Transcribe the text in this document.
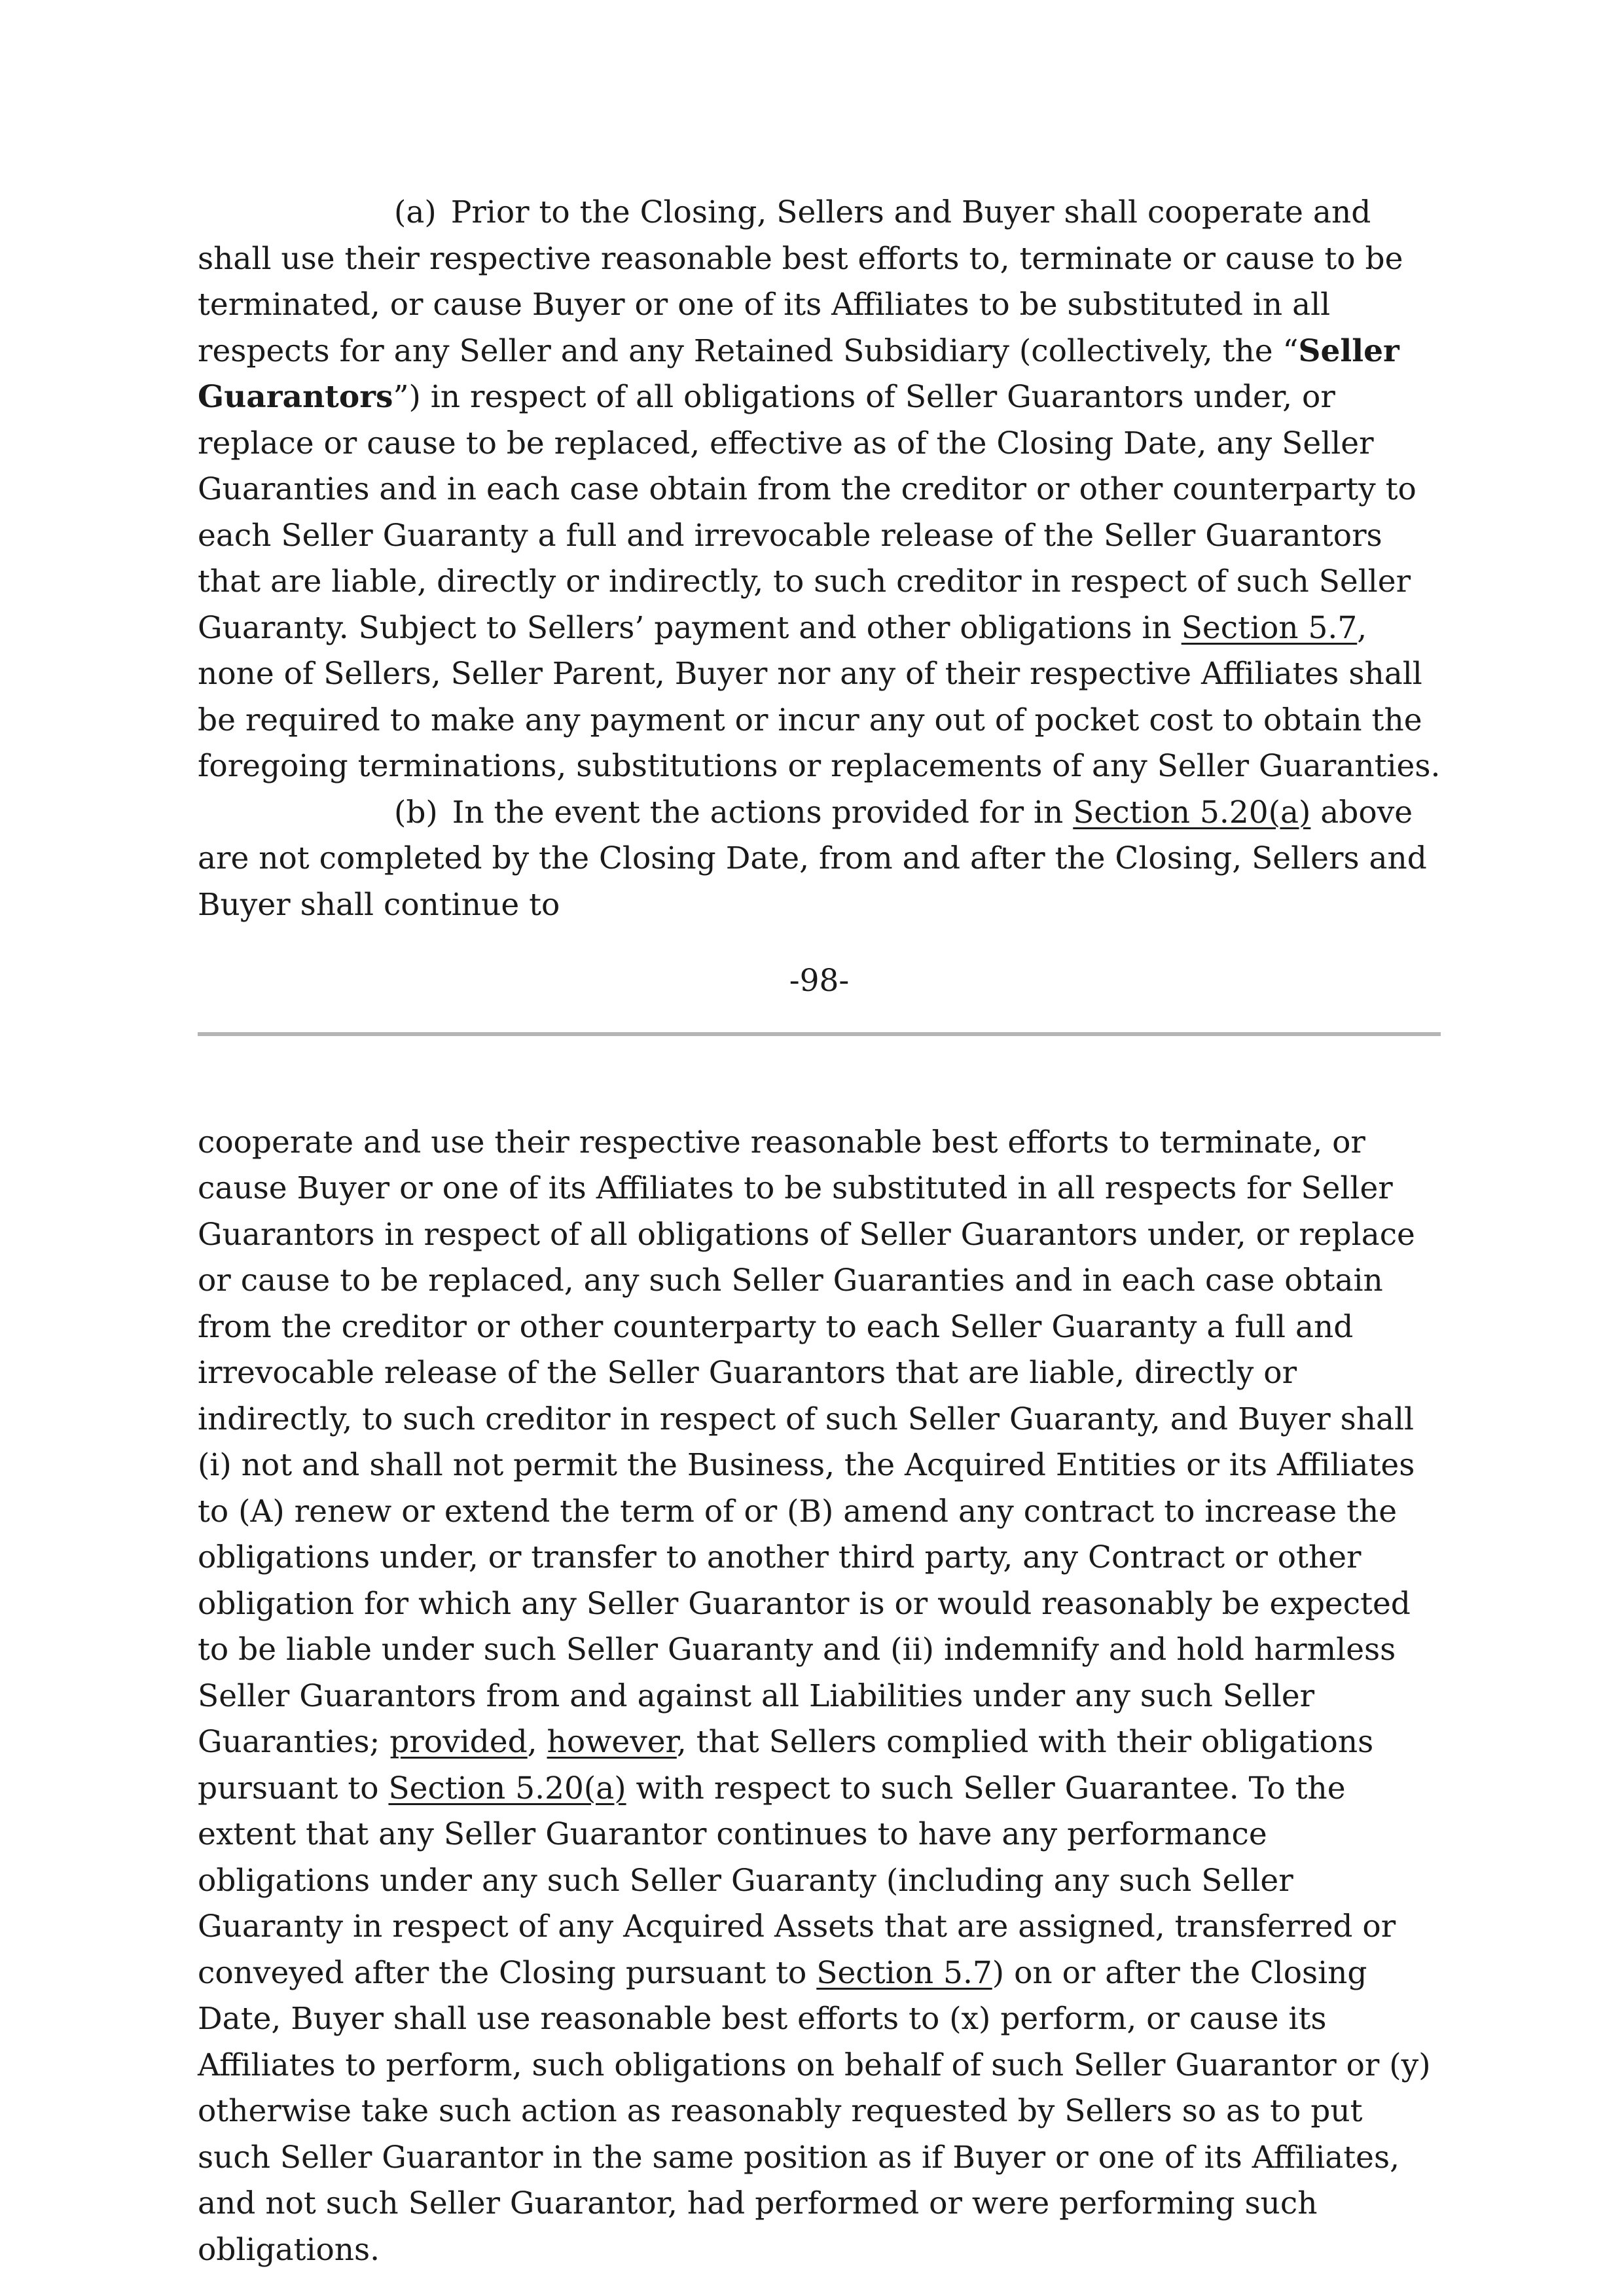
(a) Prior to the Closing, Sellers and Buyer shall cooperate and shall use their respective reasonable best efforts to, terminate or cause to be terminated, or cause Buyer or one of its Affiliates to be substituted in all respects for any Seller and any Retained Subsidiary (collectively, the “Seller Guarantors”) in respect of all obligations of Seller Guarantors under, or replace or cause to be replaced, effective as of the Closing Date, any Seller Guaranties and in each case obtain from the creditor or other counterparty to each Seller Guaranty a full and irrevocable release of the Seller Guarantors that are liable, directly or indirectly, to such creditor in respect of such Seller Guaranty. Subject to Sellers’ payment and other obligations in Section 5.7, none of Sellers, Seller Parent, Buyer nor any of their respective Affiliates shall be required to make any payment or incur any out of pocket cost to obtain the foregoing terminations, substitutions or replacements of any Seller Guaranties.

(b) In the event the actions provided for in Section 5.20(a) above are not completed by the Closing Date, from and after the Closing, Sellers and Buyer shall continue to

-98-

cooperate and use their respective reasonable best efforts to terminate, or cause Buyer or one of its Affiliates to be substituted in all respects for Seller Guarantors in respect of all obligations of Seller Guarantors under, or replace or cause to be replaced, any such Seller Guaranties and in each case obtain from the creditor or other counterparty to each Seller Guaranty a full and irrevocable release of the Seller Guarantors that are liable, directly or indirectly, to such creditor in respect of such Seller Guaranty, and Buyer shall (i) not and shall not permit the Business, the Acquired Entities or its Affiliates to (A) renew or extend the term of or (B) amend any contract to increase the obligations under, or transfer to another third party, any Contract or other obligation for which any Seller Guarantor is or would reasonably be expected to be liable under such Seller Guaranty and (ii) indemnify and hold harmless Seller Guarantors from and against all Liabilities under any such Seller Guaranties; provided, however, that Sellers complied with their obligations pursuant to Section 5.20(a) with respect to such Seller Guarantee. To the extent that any Seller Guarantor continues to have any performance obligations under any such Seller Guaranty (including any such Seller Guaranty in respect of any Acquired Assets that are assigned, transferred or conveyed after the Closing pursuant to Section 5.7) on or after the Closing Date, Buyer shall use reasonable best efforts to (x) perform, or cause its Affiliates to perform, such obligations on behalf of such Seller Guarantor or (y) otherwise take such action as reasonably requested by Sellers so as to put such Seller Guarantor in the same position as if Buyer or one of its Affiliates, and not such Seller Guarantor, had performed or were performing such obligations.
